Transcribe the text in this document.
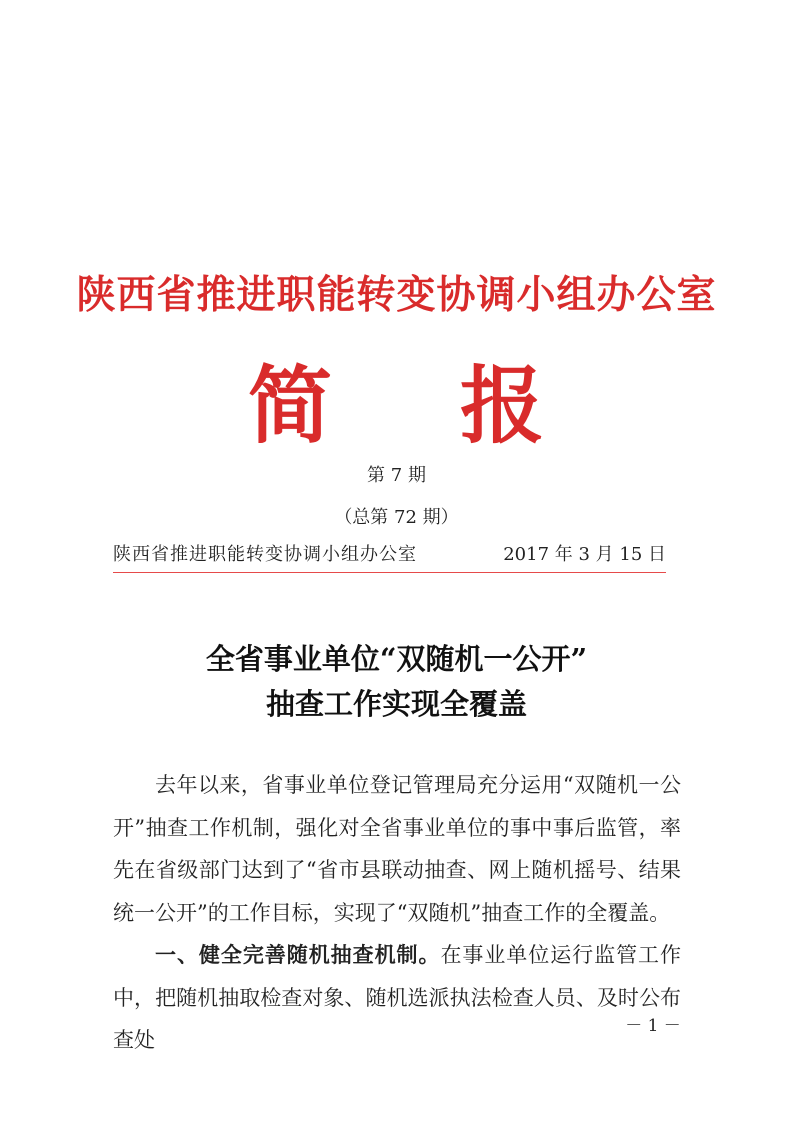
陕西省推进职能转变协调小组办公室
简 报
第 7 期
（总第 72 期）
陕西省推进职能转变协调小组办公室	2017 年 3 月 15 日
全省事业单位“双随机一公开”
抽查工作实现全覆盖

去年以来，省事业单位登记管理局充分运用“双随机一公开”抽查工作机制，强化对全省事业单位的事中事后监管，率先在省级部门达到了“省市县联动抽查、网上随机摇号、结果统一公开”的工作目标，实现了“双随机”抽查工作的全覆盖。

一、健全完善随机抽查机制。在事业单位运行监管工作中，把随机抽取检查对象、随机选派执法检查人员、及时公布查处

－ 1 －
